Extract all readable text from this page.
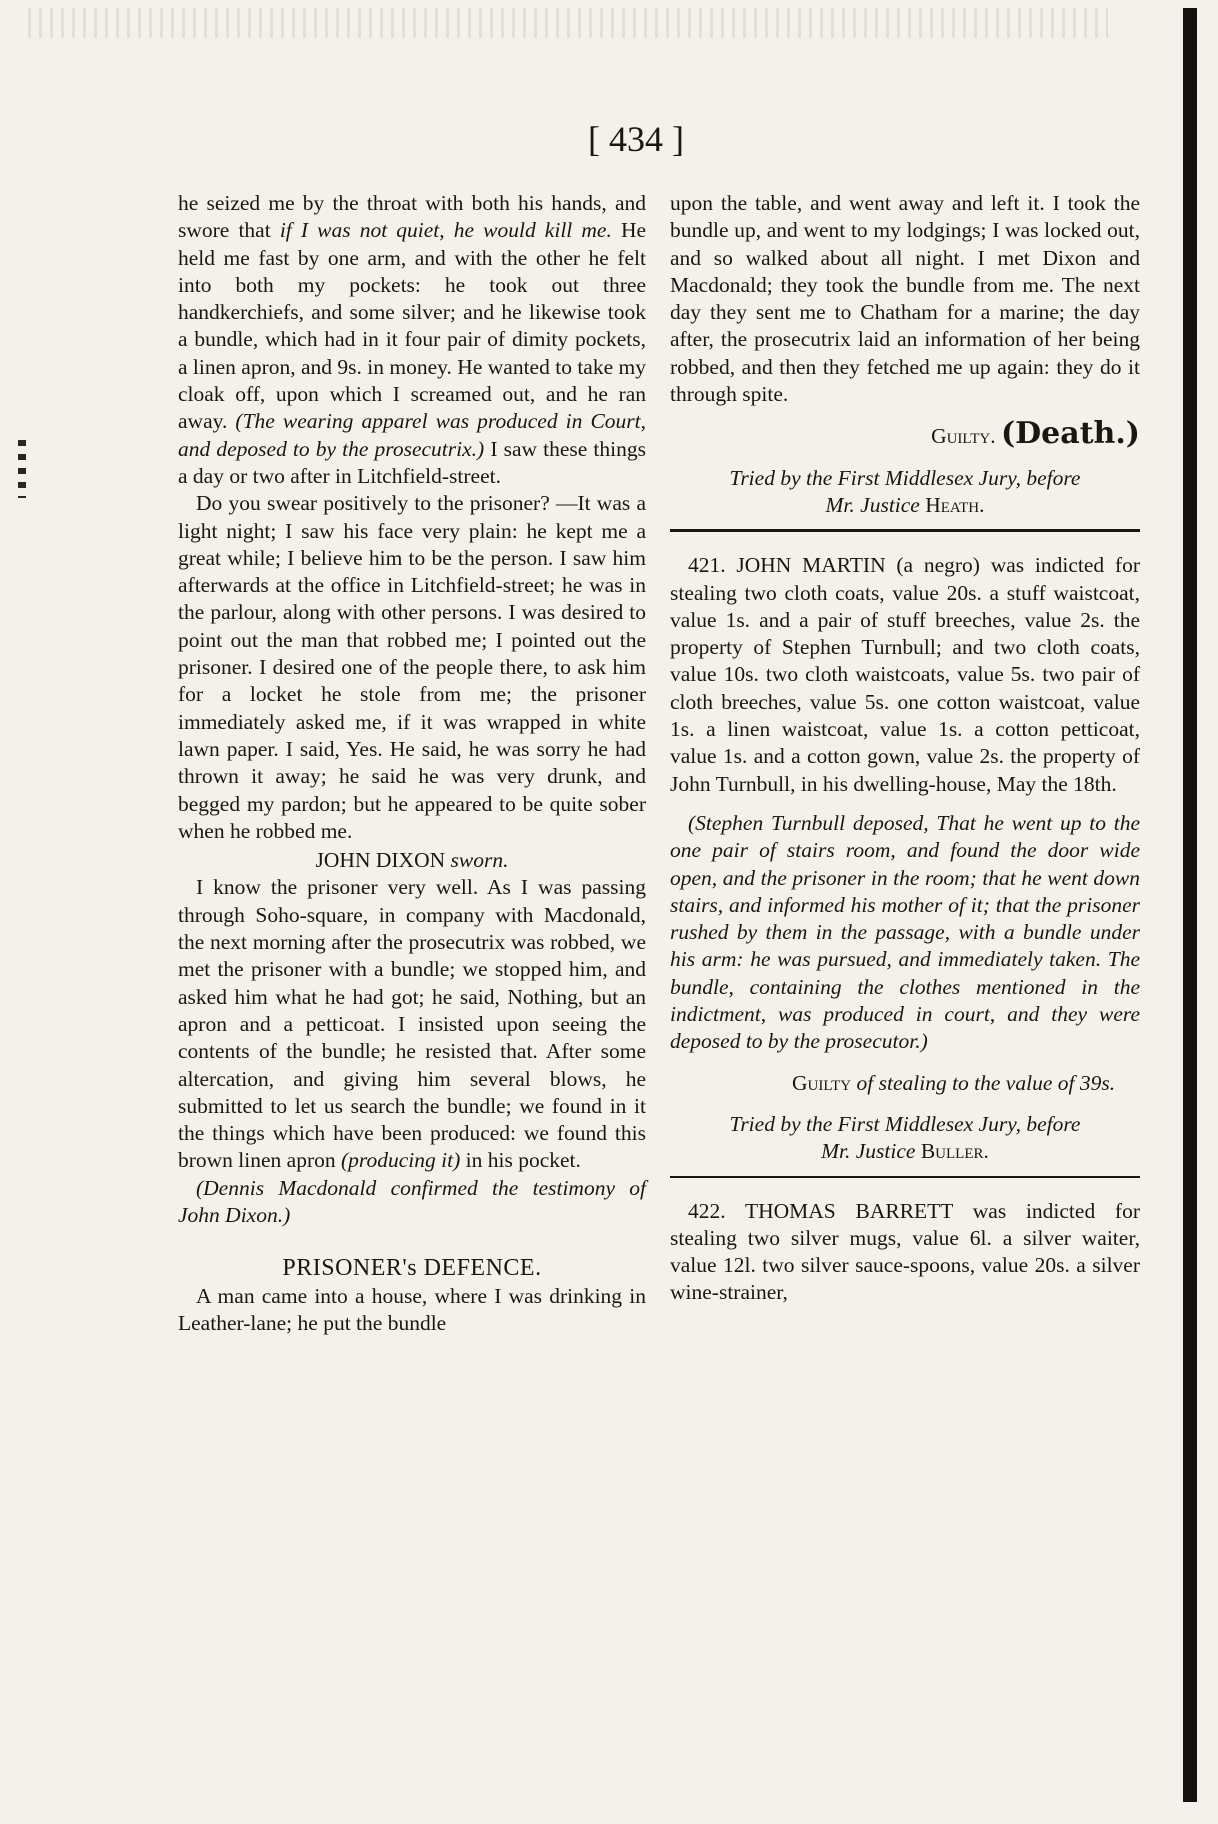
[ 434 ]

he seized me by the throat with both his hands, and swore that if I was not quiet, he would kill me. He held me fast by one arm, and with the other he felt into both my pockets: he took out three handkerchiefs, and some silver; and he likewise took a bundle, which had in it four pair of dimity pockets, a linen apron, and 9s. in money. He wanted to take my cloak off, upon which I screamed out, and he ran away. (The wearing apparel was produced in Court, and deposed to by the prosecutrix.) I saw these things a day or two after in Litchfield-street.

Do you swear positively to the prisoner? —It was a light night; I saw his face very plain: he kept me a great while; I believe him to be the person. I saw him afterwards at the office in Litchfield-street; he was in the parlour, along with other persons. I was desired to point out the man that robbed me; I pointed out the prisoner. I desired one of the people there, to ask him for a locket he stole from me; the prisoner immediately asked me, if it was wrapped in white lawn paper. I said, Yes. He said, he was sorry he had thrown it away; he said he was very drunk, and begged my pardon; but he appeared to be quite sober when he robbed me.

JOHN DIXON sworn.

I know the prisoner very well. As I was passing through Soho-square, in company with Macdonald, the next morning after the prosecutrix was robbed, we met the prisoner with a bundle; we stopped him, and asked him what he had got; he said, Nothing, but an apron and a petticoat. I insisted upon seeing the contents of the bundle; he resisted that. After some altercation, and giving him several blows, he submitted to let us search the bundle; we found in it the things which have been produced: we found this brown linen apron (producing it) in his pocket.

(Dennis Macdonald confirmed the testimony of John Dixon.)

PRISONER's DEFENCE.

A man came into a house, where I was drinking in Leather-lane; he put the bundle

upon the table, and went away and left it. I took the bundle up, and went to my lodgings; I was locked out, and so walked about all night. I met Dixon and Macdonald; they took the bundle from me. The next day they sent me to Chatham for a marine; the day after, the prosecutrix laid an information of her being robbed, and then they fetched me up again: they do it through spite.

Guilty. (Death.)

Tried by the First Middlesex Jury, before
Mr. Justice Heath.

421. JOHN MARTIN (a negro) was indicted for stealing two cloth coats, value 20s. a stuff waistcoat, value 1s. and a pair of stuff breeches, value 2s. the property of Stephen Turnbull; and two cloth coats, value 10s. two cloth waistcoats, value 5s. two pair of cloth breeches, value 5s. one cotton waistcoat, value 1s. a linen waistcoat, value 1s. a cotton petticoat, value 1s. and a cotton gown, value 2s. the property of John Turnbull, in his dwelling-house, May the 18th.

(Stephen Turnbull deposed, That he went up to the one pair of stairs room, and found the door wide open, and the prisoner in the room; that he went down stairs, and informed his mother of it; that the prisoner rushed by them in the passage, with a bundle under his arm: he was pursued, and immediately taken. The bundle, containing the clothes mentioned in the indictment, was produced in court, and they were deposed to by the prosecutor.)

Guilty of stealing to the value of 39s.

Tried by the First Middlesex Jury, before
Mr. Justice Buller.

422. THOMAS BARRETT was indicted for stealing two silver mugs, value 6l. a silver waiter, value 12l. two silver sauce-spoons, value 20s. a silver wine-strainer,
